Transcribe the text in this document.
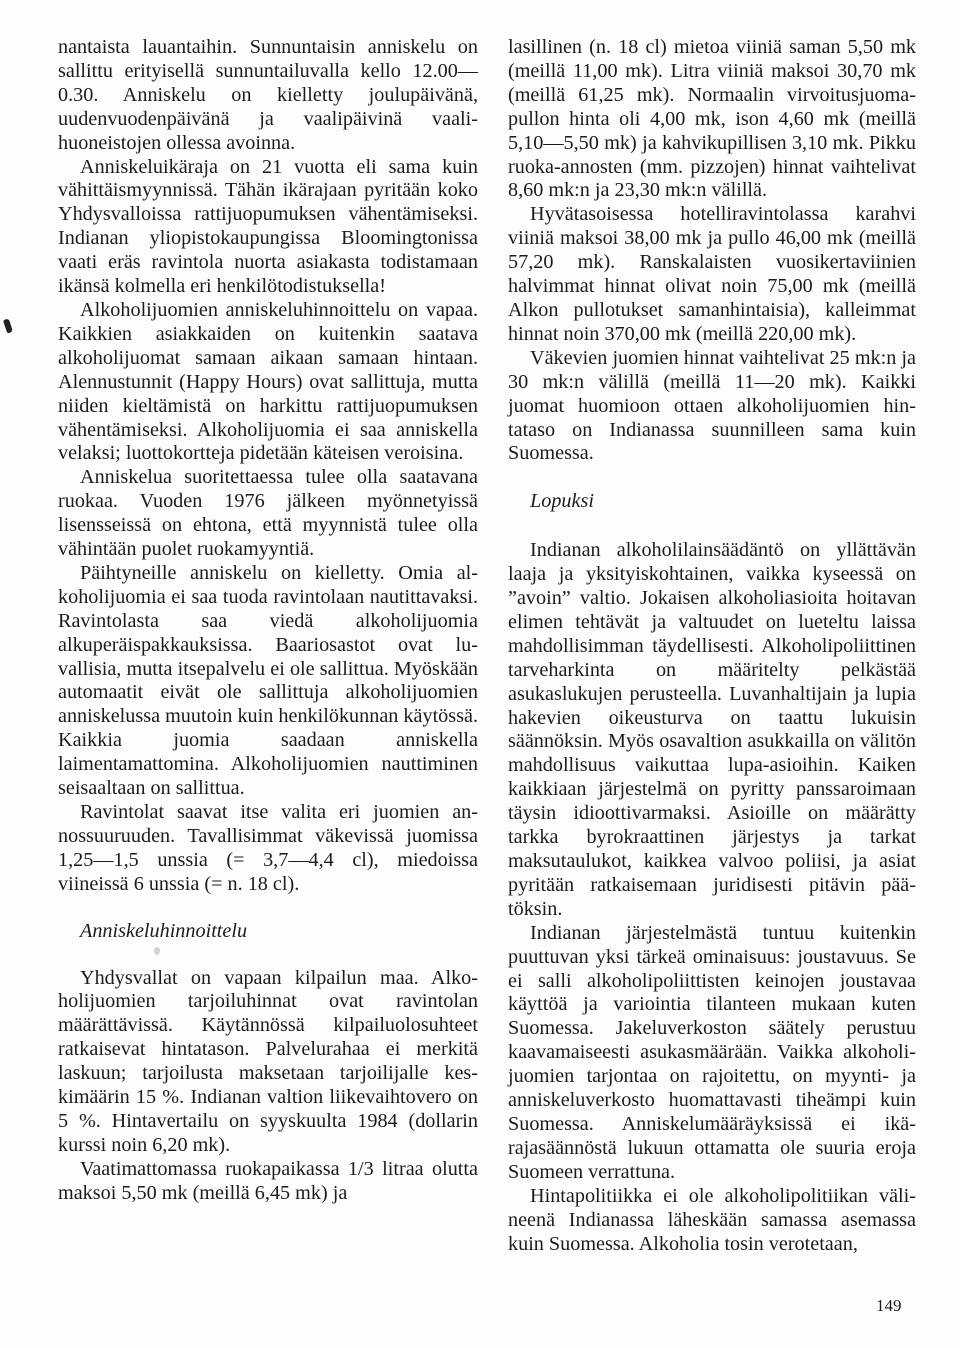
nantaista lauantaihin. Sunnuntaisin anniskelu on sallittu erityisellä sunnuntailuvalla kello 12.00—0.30. Anniskelu on kielletty joulupäivänä, uudenvuodenpäivänä ja vaalipäivinä vaalihuoneistojen ollessa avoinna.

Anniskeluikäraja on 21 vuotta eli sama kuin vähittäismyynnissä. Tähän ikärajaan pyritään koko Yhdysvalloissa rattijuopumuksen vähentämiseksi. Indianan yliopistokaupungissa Bloomingtonissa vaati eräs ravintola nuorta asiakasta todistamaan ikänsä kolmella eri henkilötodistuksella!

Alkoholijuomien anniskeluhinnoittelu on vapaa. Kaikkien asiakkaiden on kuitenkin saatava alkoholijuomat samaan aikaan samaan hintaan. Alennustunnit (Happy Hours) ovat sallittuja, mutta niiden kieltämistä on harkittu rattijuopumuksen vähentämiseksi. Alkoholijuomia ei saa anniskella velaksi; luottokortteja pidetään käteisen veroisina.

Anniskelua suoritettaessa tulee olla saatavana ruokaa. Vuoden 1976 jälkeen myönnetyissä lisensseissä on ehtona, että myynnistä tulee olla vähintään puolet ruokamyyntiä.

Päihtyneille anniskelu on kielletty. Omia alkoholijuomia ei saa tuoda ravintolaan nautittavaksi. Ravintolasta saa viedä alkoholijuomia alkuperäispakkauksissa. Baariosastot ovat luvallisia, mutta itsepalvelu ei ole sallittua. Myöskään automaatit eivät ole sallittuja alkoholijuomien anniskelussa muutoin kuin henkilökunnan käytössä. Kaikkia juomia saadaan anniskella laimentamattomina. Alkoholijuomien nauttiminen seisaaltaan on sallittua.

Ravintolat saavat itse valita eri juomien annossuuruuden. Tavallisimmat väkevissä juomissa 1,25—1,5 unssia (= 3,7—4,4 cl), miedoissa viineissä 6 unssia (= n. 18 cl).

Anniskeluhinnoittelu

Yhdysvallat on vapaan kilpailun maa. Alkoholijuomien tarjoiluhinnat ovat ravintolan määrättävissä. Käytännössä kilpailuolosuhteet ratkaisevat hintatason. Palvelurahaa ei merkitä laskuun; tarjoilusta maksetaan tarjoilijalle keskimäärin 15 %. Indianan valtion liikevaihtovero on 5 %. Hintavertailu on syyskuulta 1984 (dollarin kurssi noin 6,20 mk).

Vaatimattomassa ruokapaikassa 1/3 litraa olutta maksoi 5,50 mk (meillä 6,45 mk) ja

lasillinen (n. 18 cl) mietoa viiniä saman 5,50 mk (meillä 11,00 mk). Litra viiniä maksoi 30,70 mk (meillä 61,25 mk). Normaalin virvoitusjuomapullon hinta oli 4,00 mk, ison 4,60 mk (meillä 5,10—5,50 mk) ja kahvikupillisen 3,10 mk. Pikku ruoka-annosten (mm. pizzojen) hinnat vaihtelivat 8,60 mk:n ja 23,30 mk:n välillä.

Hyvätasoisessa hotelliravintolassa karahvi viiniä maksoi 38,00 mk ja pullo 46,00 mk (meillä 57,20 mk). Ranskalaisten vuosikertaviinien halvimmat hinnat olivat noin 75,00 mk (meillä Alkon pullotukset samanhintaisia), kalleimmat hinnat noin 370,00 mk (meillä 220,00 mk).

Väkevien juomien hinnat vaihtelivat 25 mk:n ja 30 mk:n välillä (meillä 11—20 mk). Kaikki juomat huomioon ottaen alkoholijuomien hintataso on Indianassa suunnilleen sama kuin Suomessa.

Lopuksi

Indianan alkoholilainsäädäntö on yllättävän laaja ja yksityiskohtainen, vaikka kyseessä on ”avoin” valtio. Jokaisen alkoholiasioita hoitavan elimen tehtävät ja valtuudet on lueteltu laissa mahdollisimman täydellisesti. Alkoholipoliittinen tarveharkinta on määritelty pelkästää asukaslukujen perusteella. Luvanhaltijain ja lupia hakevien oikeusturva on taattu lukuisin säännöksin. Myös osavaltion asukkailla on välitön mahdollisuus vaikuttaa lupa-asioihin. Kaiken kaikkiaan järjestelmä on pyritty panssaroimaan täysin idioottivarmaksi. Asioille on määrätty tarkka byrokraattinen järjestys ja tarkat maksutaulukot, kaikkea valvoo poliisi, ja asiat pyritään ratkaisemaan juridisesti pitävin päätöksin.

Indianan järjestelmästä tuntuu kuitenkin puuttuvan yksi tärkeä ominaisuus: joustavuus. Se ei salli alkoholipoliittisten keinojen joustavaa käyttöä ja variointia tilanteen mukaan kuten Suomessa. Jakeluverkoston säätely perustuu kaavamaiseesti asukasmäärään. Vaikka alkoholijuomien tarjontaa on rajoitettu, on myynti- ja anniskeluverkosto huomattavasti tiheämpi kuin Suomessa. Anniskelumääräyksissä ei ikärajasäännöstä lukuun ottamatta ole suuria eroja Suomeen verrattuna.

Hintapolitiikka ei ole alkoholipolitiikan välineenä Indianassa läheskään samassa asemassa kuin Suomessa. Alkoholia tosin verotetaan,

149
